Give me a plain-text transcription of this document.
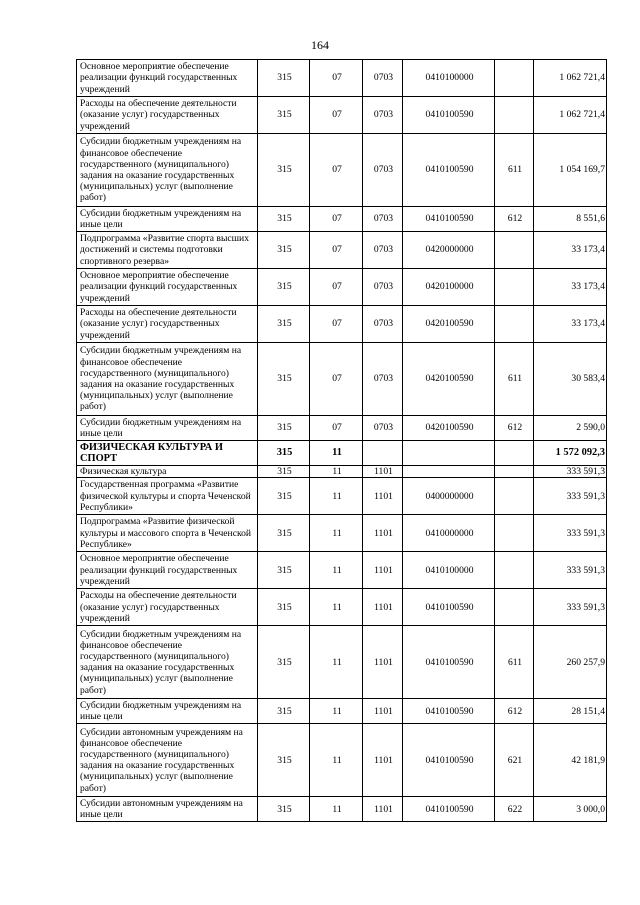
164
Основное мероприятие обеспечение реализации функций государственных учреждений	315	07	0703	0410100000		1 062 721,4
Расходы на обеспечение деятельности (оказание услуг) государственных учреждений	315	07	0703	0410100590		1 062 721,4
Субсидии бюджетным учреждениям на финансовое обеспечение государственного (муниципального) задания на оказание государственных (муниципальных) услуг (выполнение работ)	315	07	0703	0410100590	611	1 054 169,7
Субсидии бюджетным учреждениям на иные цели	315	07	0703	0410100590	612	8 551,6
Подпрограмма «Развитие спорта высших достижений и системы подготовки спортивного резерва»	315	07	0703	0420000000		33 173,4
Основное мероприятие обеспечение реализации функций государственных учреждений	315	07	0703	0420100000		33 173,4
Расходы на обеспечение деятельности (оказание услуг) государственных учреждений	315	07	0703	0420100590		33 173,4
Субсидии бюджетным учреждениям на финансовое обеспечение государственного (муниципального) задания на оказание государственных (муниципальных) услуг (выполнение работ)	315	07	0703	0420100590	611	30 583,4
Субсидии бюджетным учреждениям на иные цели	315	07	0703	0420100590	612	2 590,0
ФИЗИЧЕСКАЯ КУЛЬТУРА И СПОРТ	315	11				1 572 092,3
Физическая культура	315	11	1101			333 591,3
Государственная программа «Развитие физической культуры и спорта Чеченской Республики»	315	11	1101	0400000000		333 591,3
Подпрограмма «Развитие физической культуры и массового спорта в Чеченской Республике»	315	11	1101	0410000000		333 591,3
Основное мероприятие обеспечение реализации функций государственных учреждений	315	11	1101	0410100000		333 591,3
Расходы на обеспечение деятельности (оказание услуг) государственных учреждений	315	11	1101	0410100590		333 591,3
Субсидии бюджетным учреждениям на финансовое обеспечение государственного (муниципального) задания на оказание государственных (муниципальных) услуг (выполнение работ)	315	11	1101	0410100590	611	260 257,9
Субсидии бюджетным учреждениям на иные цели	315	11	1101	0410100590	612	28 151,4
Субсидии автономным учреждениям на финансовое обеспечение государственного (муниципального) задания на оказание государственных (муниципальных) услуг (выполнение работ)	315	11	1101	0410100590	621	42 181,9
Субсидии автономным учреждениям на иные цели	315	11	1101	0410100590	622	3 000,0
